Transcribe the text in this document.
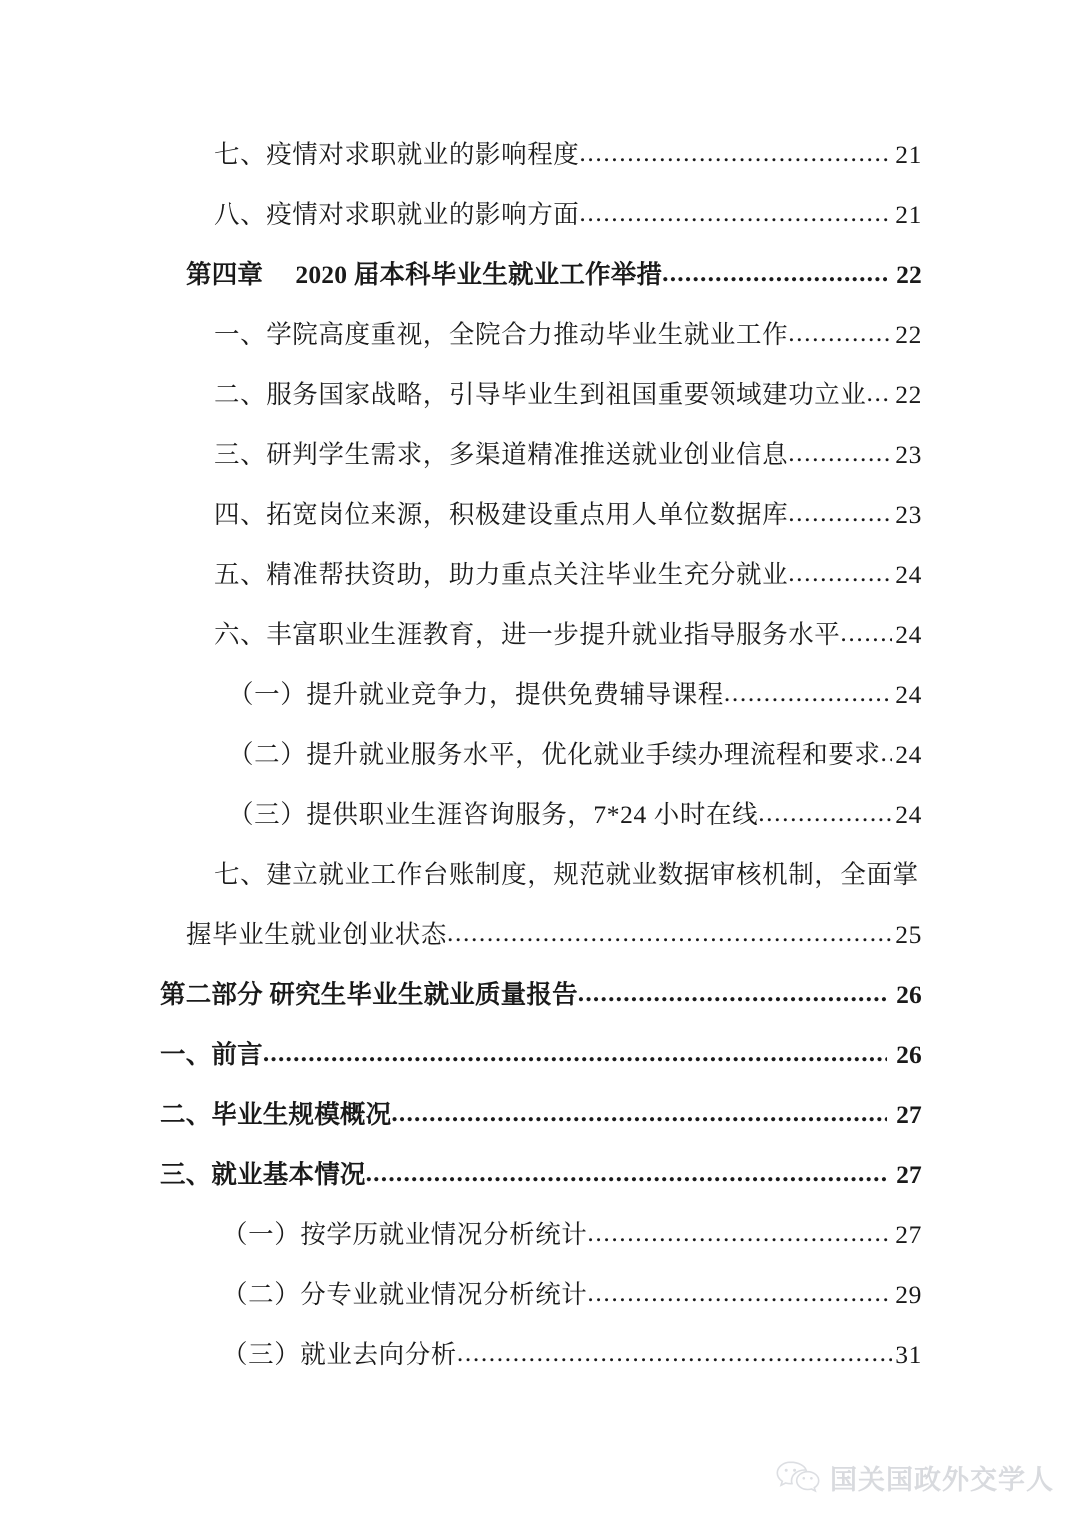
七、疫情对求职就业的影响程度 .....	21
八、疫情对求职就业的影响方面 .....	21
第四章　 2020 届本科毕业生就业工作举措 .....	22
一、学院高度重视，全院合力推动毕业生就业工作 .....	22
二、服务国家战略，引导毕业生到祖国重要领域建功立业 ..... 22
三、研判学生需求，多渠道精准推送就业创业信息 .....	23
四、拓宽岗位来源，积极建设重点用人单位数据库 .....	23
五、精准帮扶资助，助力重点关注毕业生充分就业 .....	24
六、丰富职业生涯教育，进一步提升就业指导服务水平 ..... 24
（一）提升就业竞争力，提供免费辅导课程 .....	24
（二）提升就业服务水平，优化就业手续办理流程和要求 ..... 24
（三）提供职业生涯咨询服务，7*24 小时在线 .....	24
七、建立就业工作台账制度，规范就业数据审核机制，全面掌
握毕业生就业创业状态 .....	25
第二部分 研究生毕业生就业质量报告 .....	26
一、前言 .....	26
二、毕业生规模概况 .....	27
三、就业基本情况 .....	27
（一）按学历就业情况分析统计 .....	27
（二）分专业就业情况分析统计 .....	29
（三）就业去向分析 .....	31
国关国政外交学人
